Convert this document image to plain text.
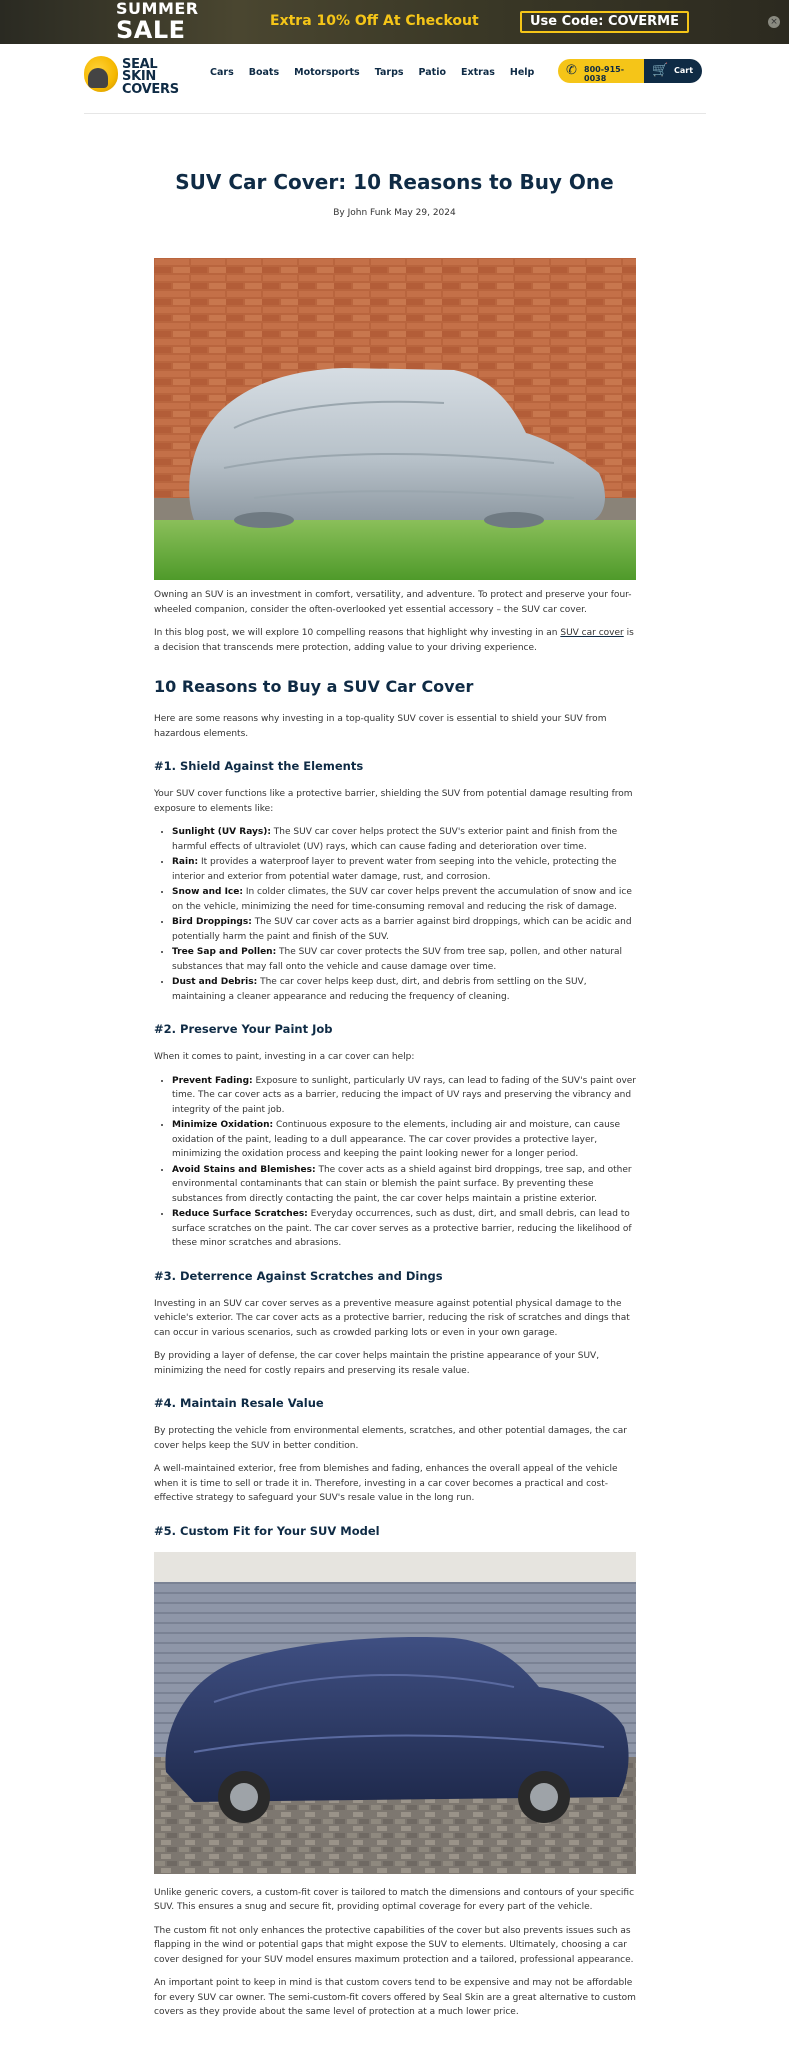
SUMMER
SALE	Extra 10% Off At Checkout	Use Code: COVERME	×
SEAL SKIN
COVERS
Cars Boats Motorsports Tarps Patio Extras Help ✆ 800-915-0038
🛒 Cart
SUV Car Cover: 10 Reasons to Buy One
By John Funk May 29, 2024

Owning an SUV is an investment in comfort, versatility, and adventure. To protect and preserve your four-wheeled companion, consider the often-overlooked yet essential accessory – the SUV car cover.

In this blog post, we will explore 10 compelling reasons that highlight why investing in an SUV car cover is a decision that transcends mere protection, adding value to your driving experience.

10 Reasons to Buy a SUV Car Cover

Here are some reasons why investing in a top-quality SUV cover is essential to shield your SUV from hazardous elements.

#1. Shield Against the Elements

Your SUV cover functions like a protective barrier, shielding the SUV from potential damage resulting from exposure to elements like:

• Sunlight (UV Rays): The SUV car cover helps protect the SUV's exterior paint and finish from the harmful effects of ultraviolet (UV) rays, which can cause fading and deterioration over time.
• Rain: It provides a waterproof layer to prevent water from seeping into the vehicle, protecting the interior and exterior from potential water damage, rust, and corrosion.
• Snow and Ice: In colder climates, the SUV car cover helps prevent the accumulation of snow and ice on the vehicle, minimizing the need for time-consuming removal and reducing the risk of damage.
• Bird Droppings: The SUV car cover acts as a barrier against bird droppings, which can be acidic and potentially harm the paint and finish of the SUV.
• Tree Sap and Pollen: The SUV car cover protects the SUV from tree sap, pollen, and other natural substances that may fall onto the vehicle and cause damage over time.
• Dust and Debris: The car cover helps keep dust, dirt, and debris from settling on the SUV, maintaining a cleaner appearance and reducing the frequency of cleaning.
#2. Preserve Your Paint Job

When it comes to paint, investing in a car cover can help:

• Prevent Fading: Exposure to sunlight, particularly UV rays, can lead to fading of the SUV's paint over time. The car cover acts as a barrier, reducing the impact of UV rays and preserving the vibrancy and integrity of the paint job.
• Minimize Oxidation: Continuous exposure to the elements, including air and moisture, can cause oxidation of the paint, leading to a dull appearance. The car cover provides a protective layer, minimizing the oxidation process and keeping the paint looking newer for a longer period.
• Avoid Stains and Blemishes: The cover acts as a shield against bird droppings, tree sap, and other environmental contaminants that can stain or blemish the paint surface. By preventing these substances from directly contacting the paint, the car cover helps maintain a pristine exterior.
• Reduce Surface Scratches: Everyday occurrences, such as dust, dirt, and small debris, can lead to surface scratches on the paint. The car cover serves as a protective barrier, reducing the likelihood of these minor scratches and abrasions.
#3. Deterrence Against Scratches and Dings

Investing in an SUV car cover serves as a preventive measure against potential physical damage to the vehicle's exterior. The car cover acts as a protective barrier, reducing the risk of scratches and dings that can occur in various scenarios, such as crowded parking lots or even in your own garage.

By providing a layer of defense, the car cover helps maintain the pristine appearance of your SUV, minimizing the need for costly repairs and preserving its resale value.

#4. Maintain Resale Value

By protecting the vehicle from environmental elements, scratches, and other potential damages, the car cover helps keep the SUV in better condition.

A well-maintained exterior, free from blemishes and fading, enhances the overall appeal of the vehicle when it is time to sell or trade it in. Therefore, investing in a car cover becomes a practical and cost-effective strategy to safeguard your SUV's resale value in the long run.

#5. Custom Fit for Your SUV Model

Unlike generic covers, a custom-fit cover is tailored to match the dimensions and contours of your specific SUV. This ensures a snug and secure fit, providing optimal coverage for every part of the vehicle.

The custom fit not only enhances the protective capabilities of the cover but also prevents issues such as flapping in the wind or potential gaps that might expose the SUV to elements. Ultimately, choosing a car cover designed for your SUV model ensures maximum protection and a tailored, professional appearance.

An important point to keep in mind is that custom covers tend to be expensive and may not be affordable for every SUV car owner. The semi-custom-fit covers offered by Seal Skin are a great alternative to custom covers as they provide about the same level of protection at a much lower price.
